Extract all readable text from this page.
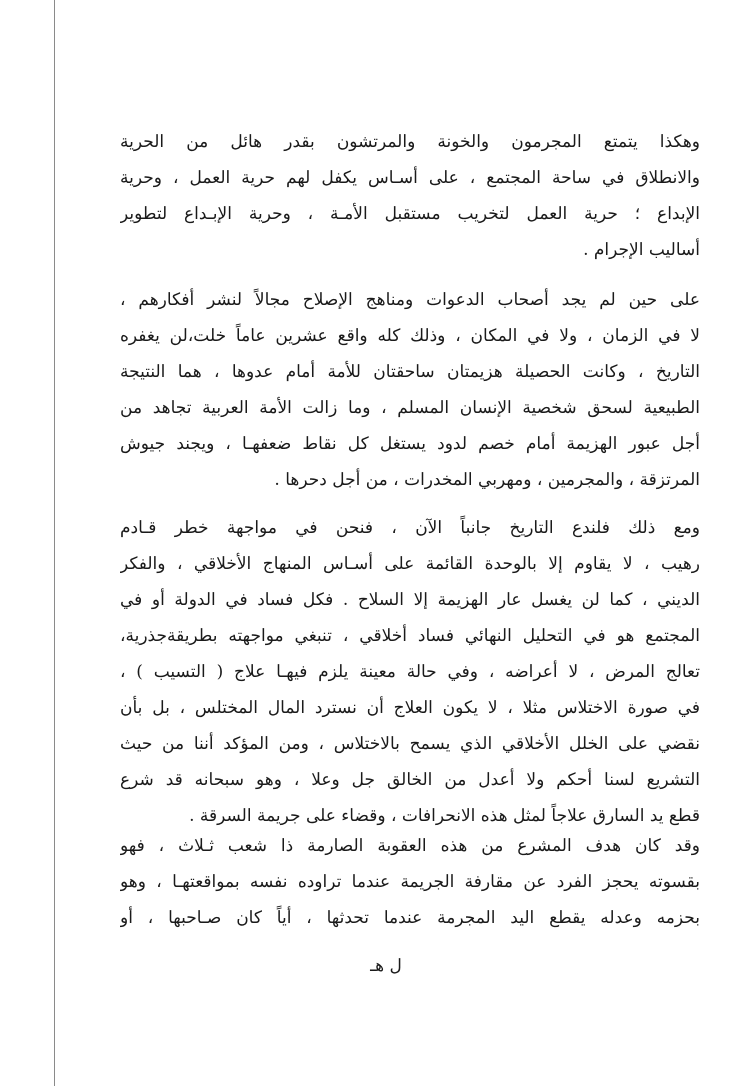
وهكذا يتمتع المجرمون والخونة والمرتشون بقدر هائل من الحرية
والانطلاق في ساحة المجتمع ، على أسـاس يكفل لهم حرية العمل ، وحرية
الإبداع ؛ حرية العمل لتخريب مستقبل الأمـة ، وحرية الإبـداع لتطوير
أساليب الإجرام .
على حين لم يجد أصحاب الدعوات ومناهج الإصلاح مجالاً لنشر أفكارهم ،
لا في الزمان ، ولا في المكان ، وذلك كله واقع عشرين عاماً خلت،لن يغفره
التاريخ ، وكانت الحصيلة هزيمتان ساحقتان للأمة أمام عدوها ، هما النتيجة
الطبيعية لسحق شخصية الإنسان المسلم ، وما زالت الأمة العربية تجاهد من
أجل عبور الهزيمة أمام خصم لدود يستغل كل نقاط ضعفهـا ، ويجند جيوش
المرتزقة ، والمجرمين ، ومهربي المخدرات ، من أجل دحرها .
ومع ذلك فلندع التاريخ جانباً الآن ، فنحن في مواجهة خطر قـادم
رهيب ، لا يقاوم إلا بالوحدة القائمة على أسـاس المنهاج الأخلاقي ، والفكر
الديني ، كما لن يغسل عار الهزيمة إلا السلاح . فكل فساد في الدولة أو في
المجتمع هو في التحليل النهائي فساد أخلاقي ، تنبغي مواجهته بطريقةجذرية،
تعالج المرض ، لا أعراضه ، وفي حالة معينة يلزم فيهـا علاج ( التسيب ) ،
في صورة الاختلاس مثلا ، لا يكون العلاج أن نسترد المال المختلس ، بل بأن
نقضي على الخلل الأخلاقي الذي يسمح بالاختلاس ، ومن المؤكد أننا من حيث
التشريع لسنا أحكم ولا أعدل من الخالق جل وعلا ، وهو سبحانه قد شرع
قطع يد السارق علاجاً لمثل هذه الانحرافات ، وقضاء على جريمة السرقة .
وقد كان هدف المشرع من هذه العقوبة الصارمة ذا شعب ثـلاث ، فهو
بقسوته يحجز الفرد عن مقارفة الجريمة عندما تراوده نفسه بمواقعتهـا ، وهو
بحزمه وعدله يقطع اليد المجرمة عندما تحدثها ، أياً كان صـاحبها ، أو
ل هـ
